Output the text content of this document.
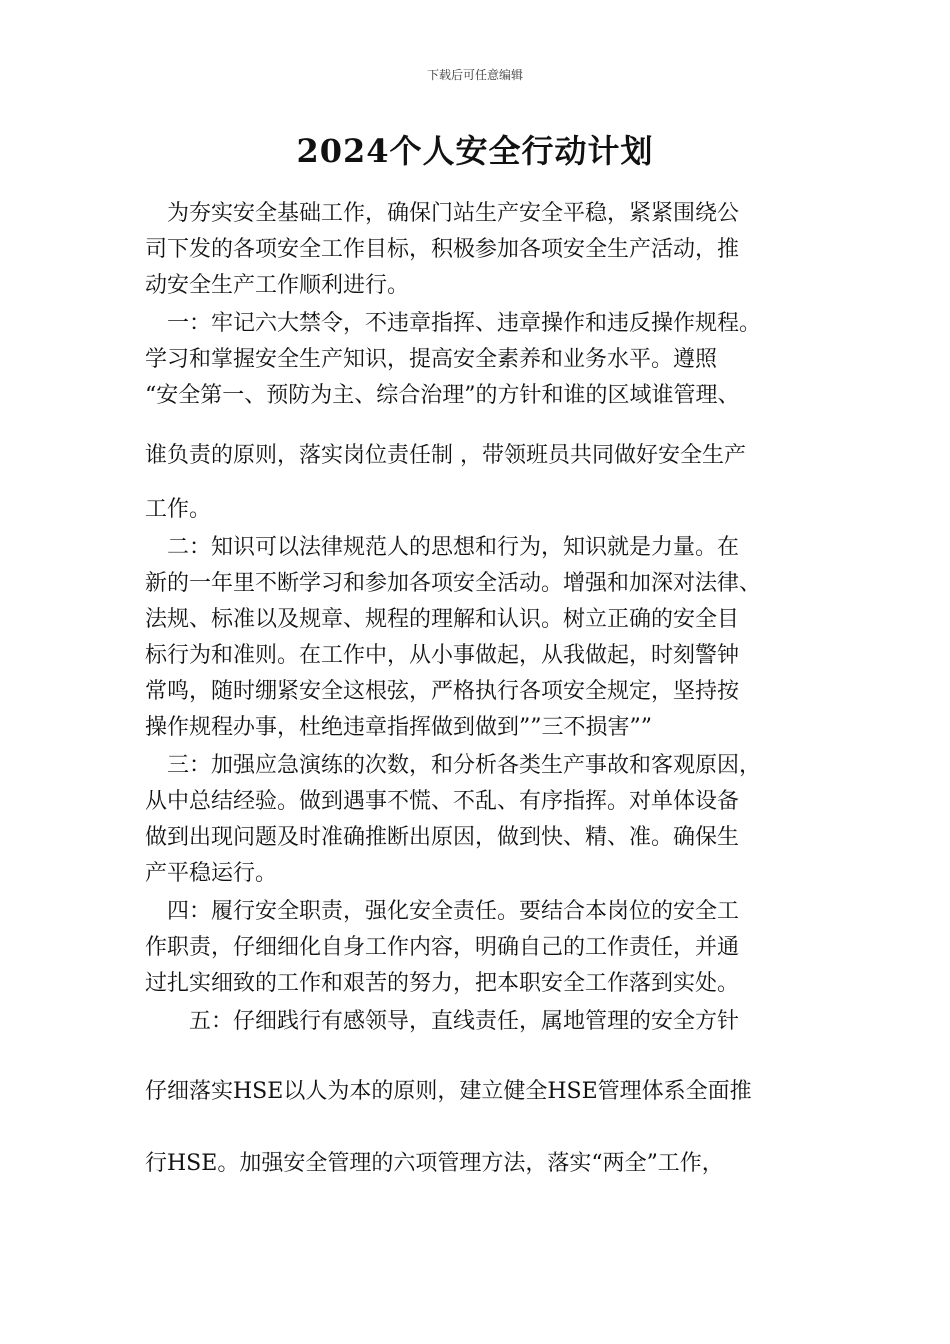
下载后可任意编辑
2024个人安全行动计划
　为夯实安全基础工作，确保门站生产安全平稳，紧紧围绕公
司下发的各项安全工作目标，积极参加各项安全生产活动，推
动安全生产工作顺利进行。
　一：牢记六大禁令，不违章指挥、违章操作和违反操作规程。
学习和掌握安全生产知识，提高安全素养和业务水平。遵照
“安全第一、预防为主、综合治理”的方针和谁的区域谁管理、
谁负责的原则，落实岗位责任制 ，带领班员共同做好安全生产
工作。
　二：知识可以法律规范人的思想和行为，知识就是力量。在
新的一年里不断学习和参加各项安全活动。增强和加深对法律、
法规、标准以及规章、规程的理解和认识。树立正确的安全目
标行为和准则。在工作中，从小事做起，从我做起，时刻警钟
常鸣，随时绷紧安全这根弦，严格执行各项安全规定，坚持按
操作规程办事，杜绝违章指挥做到做到””三不损害””
　三：加强应急演练的次数，和分析各类生产事故和客观原因，
从中总结经验。做到遇事不慌、不乱、有序指挥。对单体设备
做到出现问题及时准确推断出原因，做到快、精、准。确保生
产平稳运行。
　四：履行安全职责，强化安全责任。要结合本岗位的安全工
作职责，仔细细化自身工作内容，明确自己的工作责任，并通
过扎实细致的工作和艰苦的努力，把本职安全工作落到实处。
　　五：仔细践行有感领导，直线责任，属地管理的安全方针
仔细落实HSE以人为本的原则，建立健全HSE管理体系全面推
行HSE。加强安全管理的六项管理方法，落实“两全”工作，
